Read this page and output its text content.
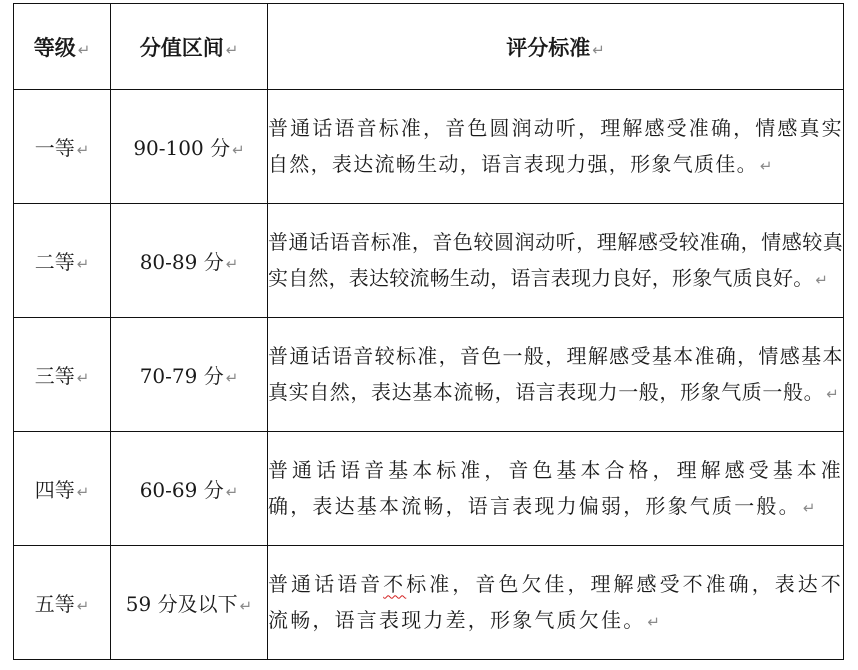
等级 ↵	分值区间 ↵	评分标准 ↵
一等 ↵	90-100 分 ↵	普通话语音标准，音色圆润动听，理解感受准确，情感真实自然，表达流畅生动，语言表现力强，形象气质佳。 ↵
二等 ↵	80-89 分 ↵	普通话语音标准，音色较圆润动听，理解感受较准确，情感较真实自然，表达较流畅生动，语言表现力良好，形象气质良好。 ↵
三等 ↵	70-79 分 ↵	普通话语音较标准，音色一般，理解感受基本准确，情感基本真实自然，表达基本流畅，语言表现力一般，形象气质一般。 ↵
四等 ↵	60-69 分 ↵	普通话语音基本标准，音色基本合格，理解感受基本准确，表达基本流畅，语言表现力偏弱，形象气质一般。 ↵
五等 ↵	59 分及以下 ↵	普通话语音不标准，音色欠佳，理解感受不准确，表达不流畅，语言表现力差，形象气质欠佳。 ↵
